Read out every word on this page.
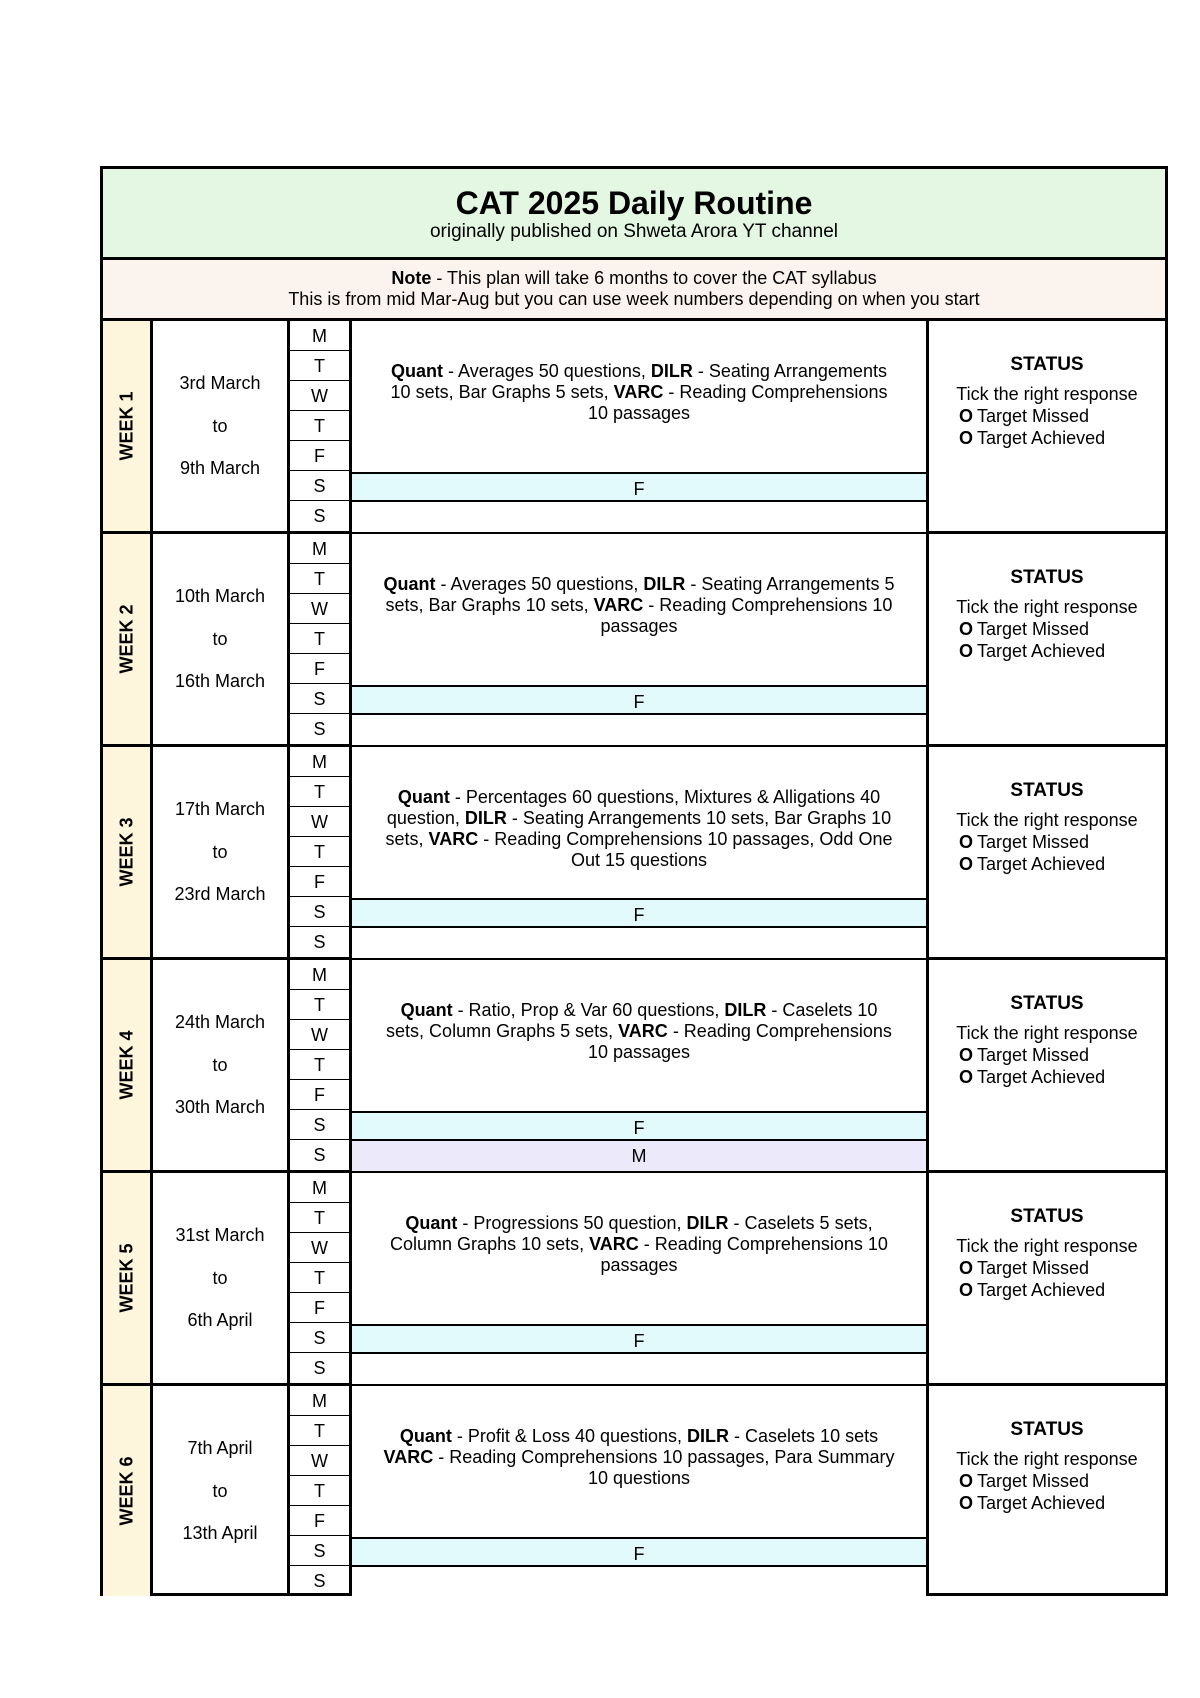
CAT 2025 Daily Routine
originally published on Shweta Arora YT channel
Note - This plan will take 6 months to cover the CAT syllabus
This is from mid Mar-Aug but you can use week numbers depending on when you start
WEEK 1
3rd March
to
9th March
M
T
W
T
F
S
S
Quant - Averages 50 questions, DILR - Seating Arrangements 10 sets, Bar Graphs 5 sets, VARC - Reading Comprehensions 10 passages
F
STATUS
Tick the right response
O Target Missed
O Target Achieved
WEEK 2
10th March
to
16th March
M
T
W
T
F
S
S
Quant - Averages 50 questions, DILR - Seating Arrangements 5 sets, Bar Graphs 10 sets, VARC - Reading Comprehensions 10 passages
F
STATUS
Tick the right response
O Target Missed
O Target Achieved
WEEK 3
17th March
to
23rd March
M
T
W
T
F
S
S
Quant - Percentages 60 questions, Mixtures & Alligations 40 question, DILR - Seating Arrangements 10 sets, Bar Graphs 10 sets, VARC - Reading Comprehensions 10 passages, Odd One Out 15 questions
F
STATUS
Tick the right response
O Target Missed
O Target Achieved
WEEK 4
24th March
to
30th March
M
T
W
T
F
S
S
Quant - Ratio, Prop & Var 60 questions, DILR - Caselets 10 sets, Column Graphs 5 sets, VARC - Reading Comprehensions 10 passages
F
M
STATUS
Tick the right response
O Target Missed
O Target Achieved
WEEK 5
31st March
to
6th April
M
T
W
T
F
S
S
Quant - Progressions 50 question, DILR - Caselets 5 sets, Column Graphs 10 sets, VARC - Reading Comprehensions 10 passages
F
STATUS
Tick the right response
O Target Missed
O Target Achieved
WEEK 6
7th April
to
13th April
M
T
W
T
F
S
S
Quant - Profit & Loss 40 questions, DILR - Caselets 10 sets VARC - Reading Comprehensions 10 passages, Para Summary 10 questions
F
STATUS
Tick the right response
O Target Missed
O Target Achieved
